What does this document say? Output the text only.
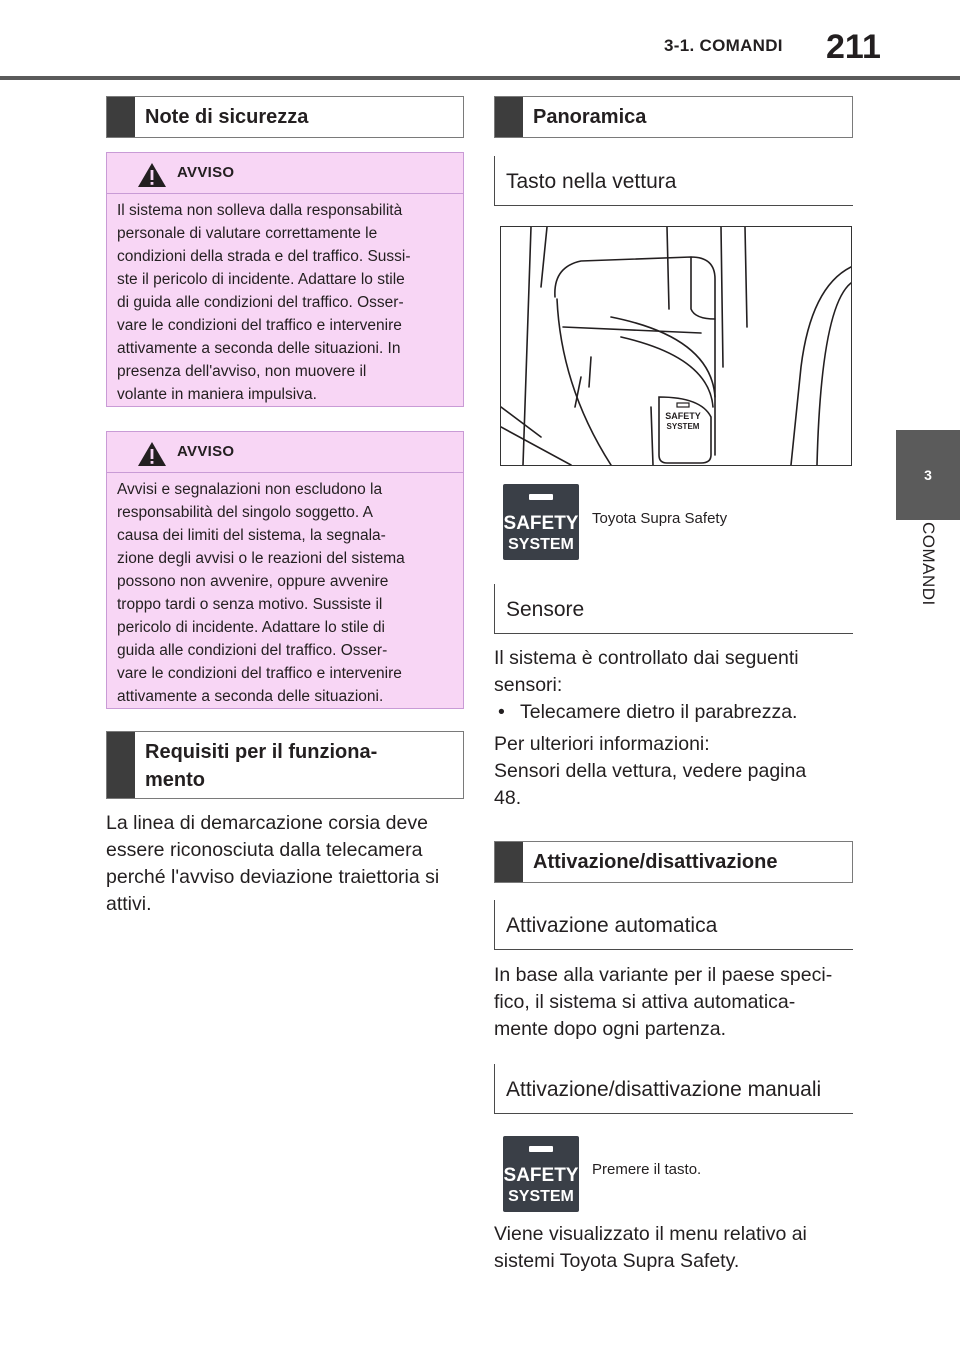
3-1. COMANDI 211
3
COMANDI
Note di sicurezza
AVVISO
Il sistema non solleva dalla responsabilità
personale di valutare correttamente le
condizioni della strada e del traffico. Sussi-
ste il pericolo di incidente. Adattare lo stile
di guida alle condizioni del traffico. Osser-
vare le condizioni del traffico e intervenire
attivamente a seconda delle situazioni. In
presenza dell'avviso, non muovere il
volante in maniera impulsiva.
AVVISO
Avvisi e segnalazioni non escludono la
responsabilità del singolo soggetto. A
causa dei limiti del sistema, la segnala-
zione degli avvisi o le reazioni del sistema
possono non avvenire, oppure avvenire
troppo tardi o senza motivo. Sussiste il
pericolo di incidente. Adattare lo stile di
guida alle condizioni del traffico. Osser-
vare le condizioni del traffico e intervenire
attivamente a seconda delle situazioni.
Requisiti per il funziona-
mento
La linea di demarcazione corsia deve
essere riconosciuta dalla telecamera
perché l'avviso deviazione traiettoria si
attivi.
Panoramica
Tasto nella vettura
SAFETY
SYSTEM
SAFETY
SYSTEM
Toyota Supra Safety
Sensore
Il sistema è controllato dai seguenti
sensori:
• Telecamere dietro il parabrezza.
Per ulteriori informazioni:
Sensori della vettura, vedere pagina
48.
Attivazione/disattivazione
Attivazione automatica
In base alla variante per il paese speci-
fico, il sistema si attiva automatica-
mente dopo ogni partenza.
Attivazione/disattivazione manuali
SAFETY
SYSTEM
Premere il tasto.
Viene visualizzato il menu relativo ai
sistemi Toyota Supra Safety.
